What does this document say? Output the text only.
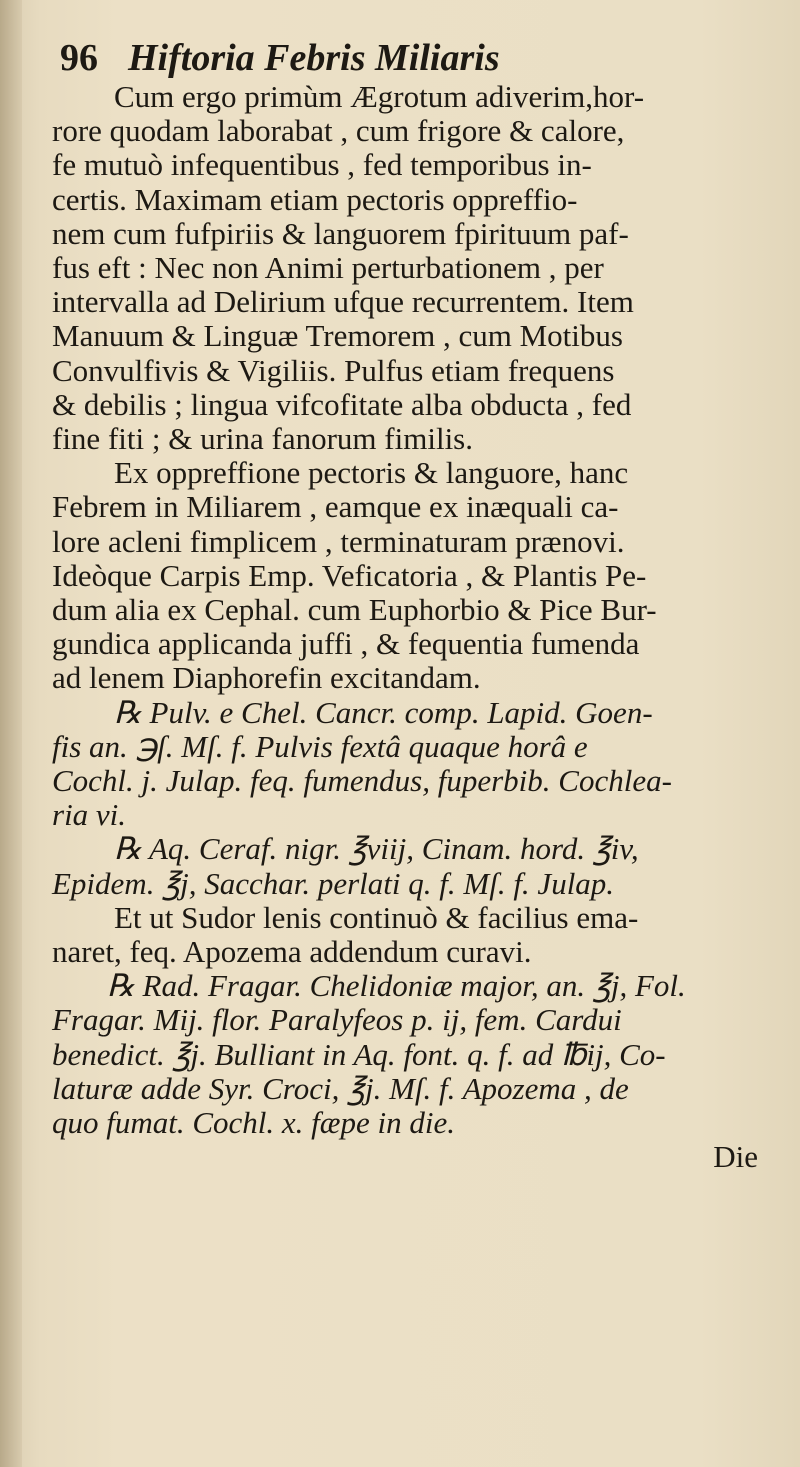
96 Hiftoria Febris Miliaris
Cum ergo primùm Ægrotum adiverim,hor-
rore quodam laborabat , cum frigore & calore,
fe mutuò infequentibus , fed temporibus in-
certis. Maximam etiam pectoris oppreffio-
nem cum fufpiriis & languorem fpirituum paf-
fus eft : Nec non Animi perturbationem , per
intervalla ad Delirium ufque recurrentem. Item
Manuum & Linguæ Tremorem , cum Motibus
Convulfivis & Vigiliis. Pulfus etiam frequens
& debilis ; lingua vifcofitate alba obducta , fed
fine fiti ; & urina fanorum fimilis.
Ex oppreffione pectoris & languore, hanc
Febrem in Miliarem , eamque ex inæquali ca-
lore acleni fimplicem , terminaturam prænovi.
Ideòque Carpis Emp. Veficatoria , & Plantis Pe-
dum alia ex Cephal. cum Euphorbio & Pice Bur-
gundica applicanda juffi , & fequentia fumenda
ad lenem Diaphorefin excitandam.
℞ Pulv. e Chel. Cancr. comp. Lapid. Goen-
fis an. ℈ſ. Mſ. f. Pulvis fextâ quaque horâ e
Cochl. j. Julap. feq. fumendus, fuperbib. Cochlea-
ria vi.
℞ Aq. Ceraf. nigr. ℥viij, Cinam. hord. ℥iv,
Epidem. ℥j, Sacchar. perlati q. f. Mſ. f. Julap.
Et ut Sudor lenis continuò & facilius ema-
naret, feq. Apozema addendum curavi.
℞ Rad. Fragar. Chelidoniæ major, an. ℥j, Fol.
Fragar. Mij. flor. Paralyfeos p. ij, fem. Cardui
benedict. ℥j. Bulliant in Aq. font. q. f. ad ℔ij, Co-
laturæ adde Syr. Croci, ℥j. Mſ. f. Apozema , de
quo fumat. Cochl. x. fæpe in die.
Die
